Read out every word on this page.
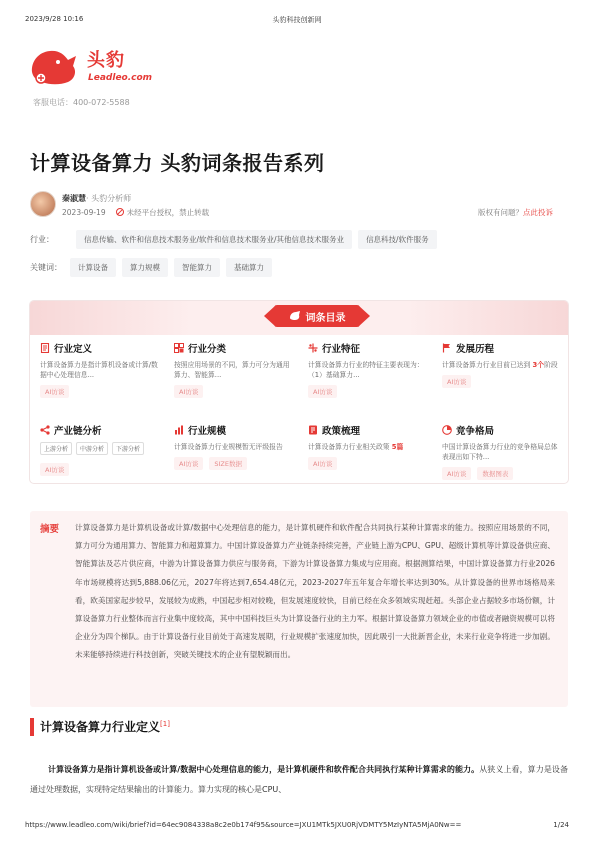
2023/9/28 10:16	头豹科技创新网
头豹
Leadleo.com
客服电话：400-072-5588
计算设备算力 头豹词条报告系列
秦淑慧· 头豹分析师
2023-09-19	未经平台授权，禁止转载	版权有问题？点此投诉
行业：	信息传输、软件和信息技术服务业/软件和信息技术服务业/其他信息技术服务业	信息科技/软件服务
关键词：	计算设备	算力规模	智能算力	基础算力
词条目录
行业定义
计算设备算力是指计算机设备或计算/数据中心处理信息...
AI访谈
行业分类
按照应用场景的不同，算力可分为通用算力、智能算...
AI访谈
行业特征
计算设备算力行业的特征主要表现为：（1）基础算力...
AI访谈
发展历程
计算设备算力行业目前已达到 3个阶段
AI访谈
产业链分析
上游分析	中游分析	下游分析
AI访谈
行业规模
计算设备算力行业规模暂无评级报告
AI访谈	SIZE数据
政策梳理
计算设备算力行业相关政策 5篇
AI访谈
竞争格局
中国计算设备算力行业的竞争格局总体表现出如下特...
AI访谈	数据图表
摘要 计算设备算力是计算机设备或计算/数据中心处理信息的能力，是计算机硬件和软件配合共同执行某种计算需求的能力。按照应用场景的不同，算力可分为通用算力、智能算力和超算算力。中国计算设备算力产业链条持续完善，产业链上游为CPU、GPU、超级计算机等计算设备供应商、智能算法及芯片供应商，中游为计算设备算力供应与服务商，下游为计算设备算力集成与应用商。根据测算结果，中国计算设备算力行业2026年市场规模将达到5,888.06亿元，2027年将达到7,654.48亿元，2023-2027年五年复合年增长率达到30%。从计算设备的世界市场格局来看，欧美国家起步较早，发展较为成熟，中国起步相对较晚，但发展速度较快，目前已经在众多领域实现赶超。头部企业占据较多市场份额，计算设备算力行业整体而言行业集中度较高，其中中国科技巨头为计算设备行业的主力军。根据计算设备算力领域企业的市值或者融资规模可以将企业分为四个梯队。由于计算设备行业目前处于高速发展期，行业规模扩张速度加快，因此吸引一大批新晋企业，未来行业竞争将进一步加剧。未来能够持续进行科技创新，突破关键技术的企业有望脱颖而出。
计算设备算力行业定义[1]
计算设备算力是指计算机设备或计算/数据中心处理信息的能力，是计算机硬件和软件配合共同执行某种计算需求的能力。从狭义上看，算力是设备通过处理数据，实现特定结果输出的计算能力。算力实现的核心是CPU、
https://www.leadleo.com/wiki/brief?id=64ec9084338a8c2e0b174f95&source=JXU1MTk5JXU0RjVDMTY5MzIyNTA5MjA0Nw==	1/24
